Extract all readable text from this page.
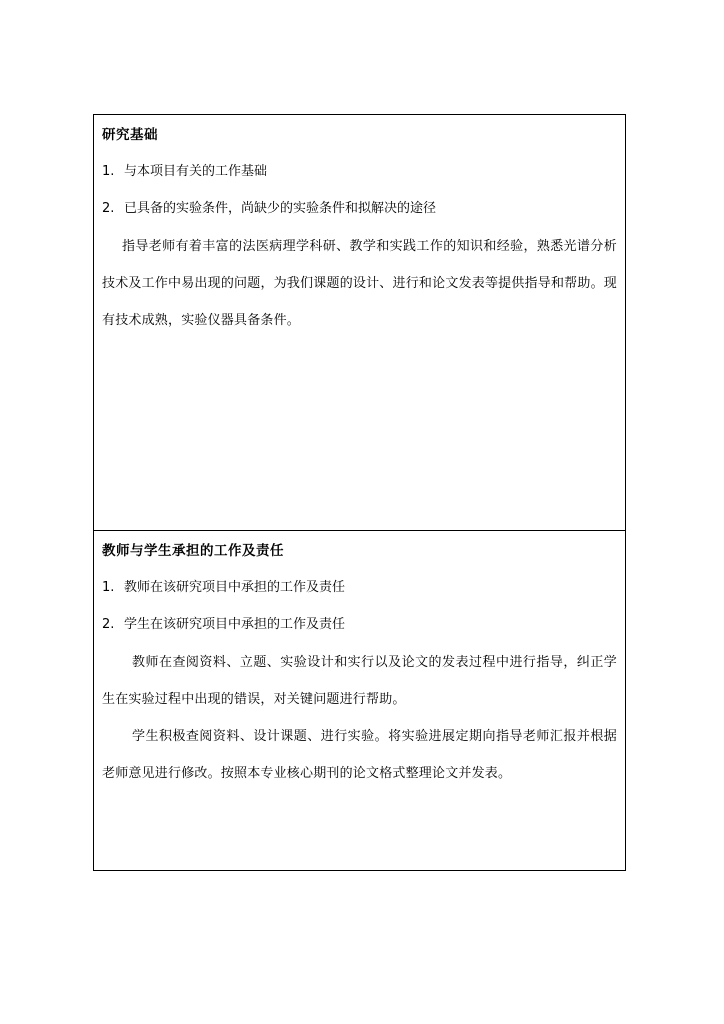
研究基础
1. 与本项目有关的工作基础
2. 已具备的实验条件，尚缺少的实验条件和拟解决的途径

指导老师有着丰富的法医病理学科研、教学和实践工作的知识和经验，熟悉光谱分析技术及工作中易出现的问题，为我们课题的设计、进行和论文发表等提供指导和帮助。现有技术成熟，实验仪器具备条件。

教师与学生承担的工作及责任
1. 教师在该研究项目中承担的工作及责任
2. 学生在该研究项目中承担的工作及责任

教师在查阅资料、立题、实验设计和实行以及论文的发表过程中进行指导，纠正学生在实验过程中出现的错误，对关键问题进行帮助。

学生积极查阅资料、设计课题、进行实验。将实验进展定期向指导老师汇报并根据老师意见进行修改。按照本专业核心期刊的论文格式整理论文并发表。
